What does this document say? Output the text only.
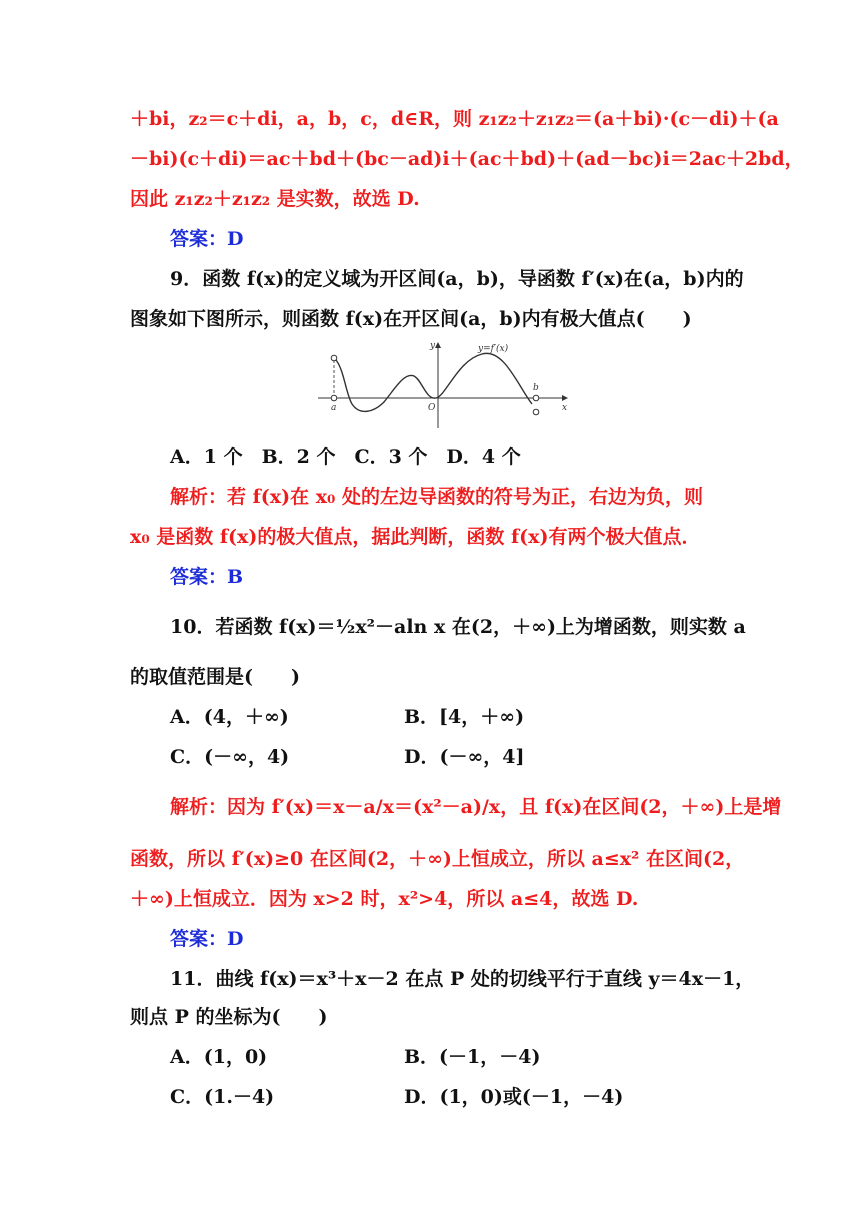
＋bi，z₂＝c＋di，a，b，c，d∈R，则 z₁z₂＋z₁z₂＝(a＋bi)·(c－di)＋(a
－bi)(c＋di)＝ac＋bd＋(bc－ad)i＋(ac＋bd)＋(ad－bc)i＝2ac＋2bd，
因此 z₁z₂＋z₁z₂ 是实数，故选 D.
答案：D
9．函数 f(x)的定义域为开区间(a，b)，导函数 f′(x)在(a，b)内的
图象如下图所示，则函数 f(x)在开区间(a，b)内有极大值点(　　)
y=f′(x)
y
x
O
a
b
A．1 个　B．2 个　C．3 个　D．4 个
解析：若 f(x)在 x₀ 处的左边导函数的符号为正，右边为负，则
x₀ 是函数 f(x)的极大值点，据此判断，函数 f(x)有两个极大值点．
答案：B
10．若函数 f(x)＝½x²－aln x 在(2，＋∞)上为增函数，则实数 a
的取值范围是(　　)
A．(4，＋∞)	B．[4，＋∞)
C．(－∞，4)	D．(－∞，4]
解析：因为 f′(x)＝x－a/x＝(x²－a)/x，且 f(x)在区间(2，＋∞)上是增
函数，所以 f′(x)≥0 在区间(2，＋∞)上恒成立，所以 a≤x² 在区间(2，
＋∞)上恒成立．因为 x>2 时，x²>4，所以 a≤4，故选 D.
答案：D
11．曲线 f(x)＝x³＋x－2 在点 P 处的切线平行于直线 y＝4x－1，
则点 P 的坐标为(　　)
A．(1，0)	B．(－1，－4)
C．(1.－4)	D．(1，0)或(－1，－4)
